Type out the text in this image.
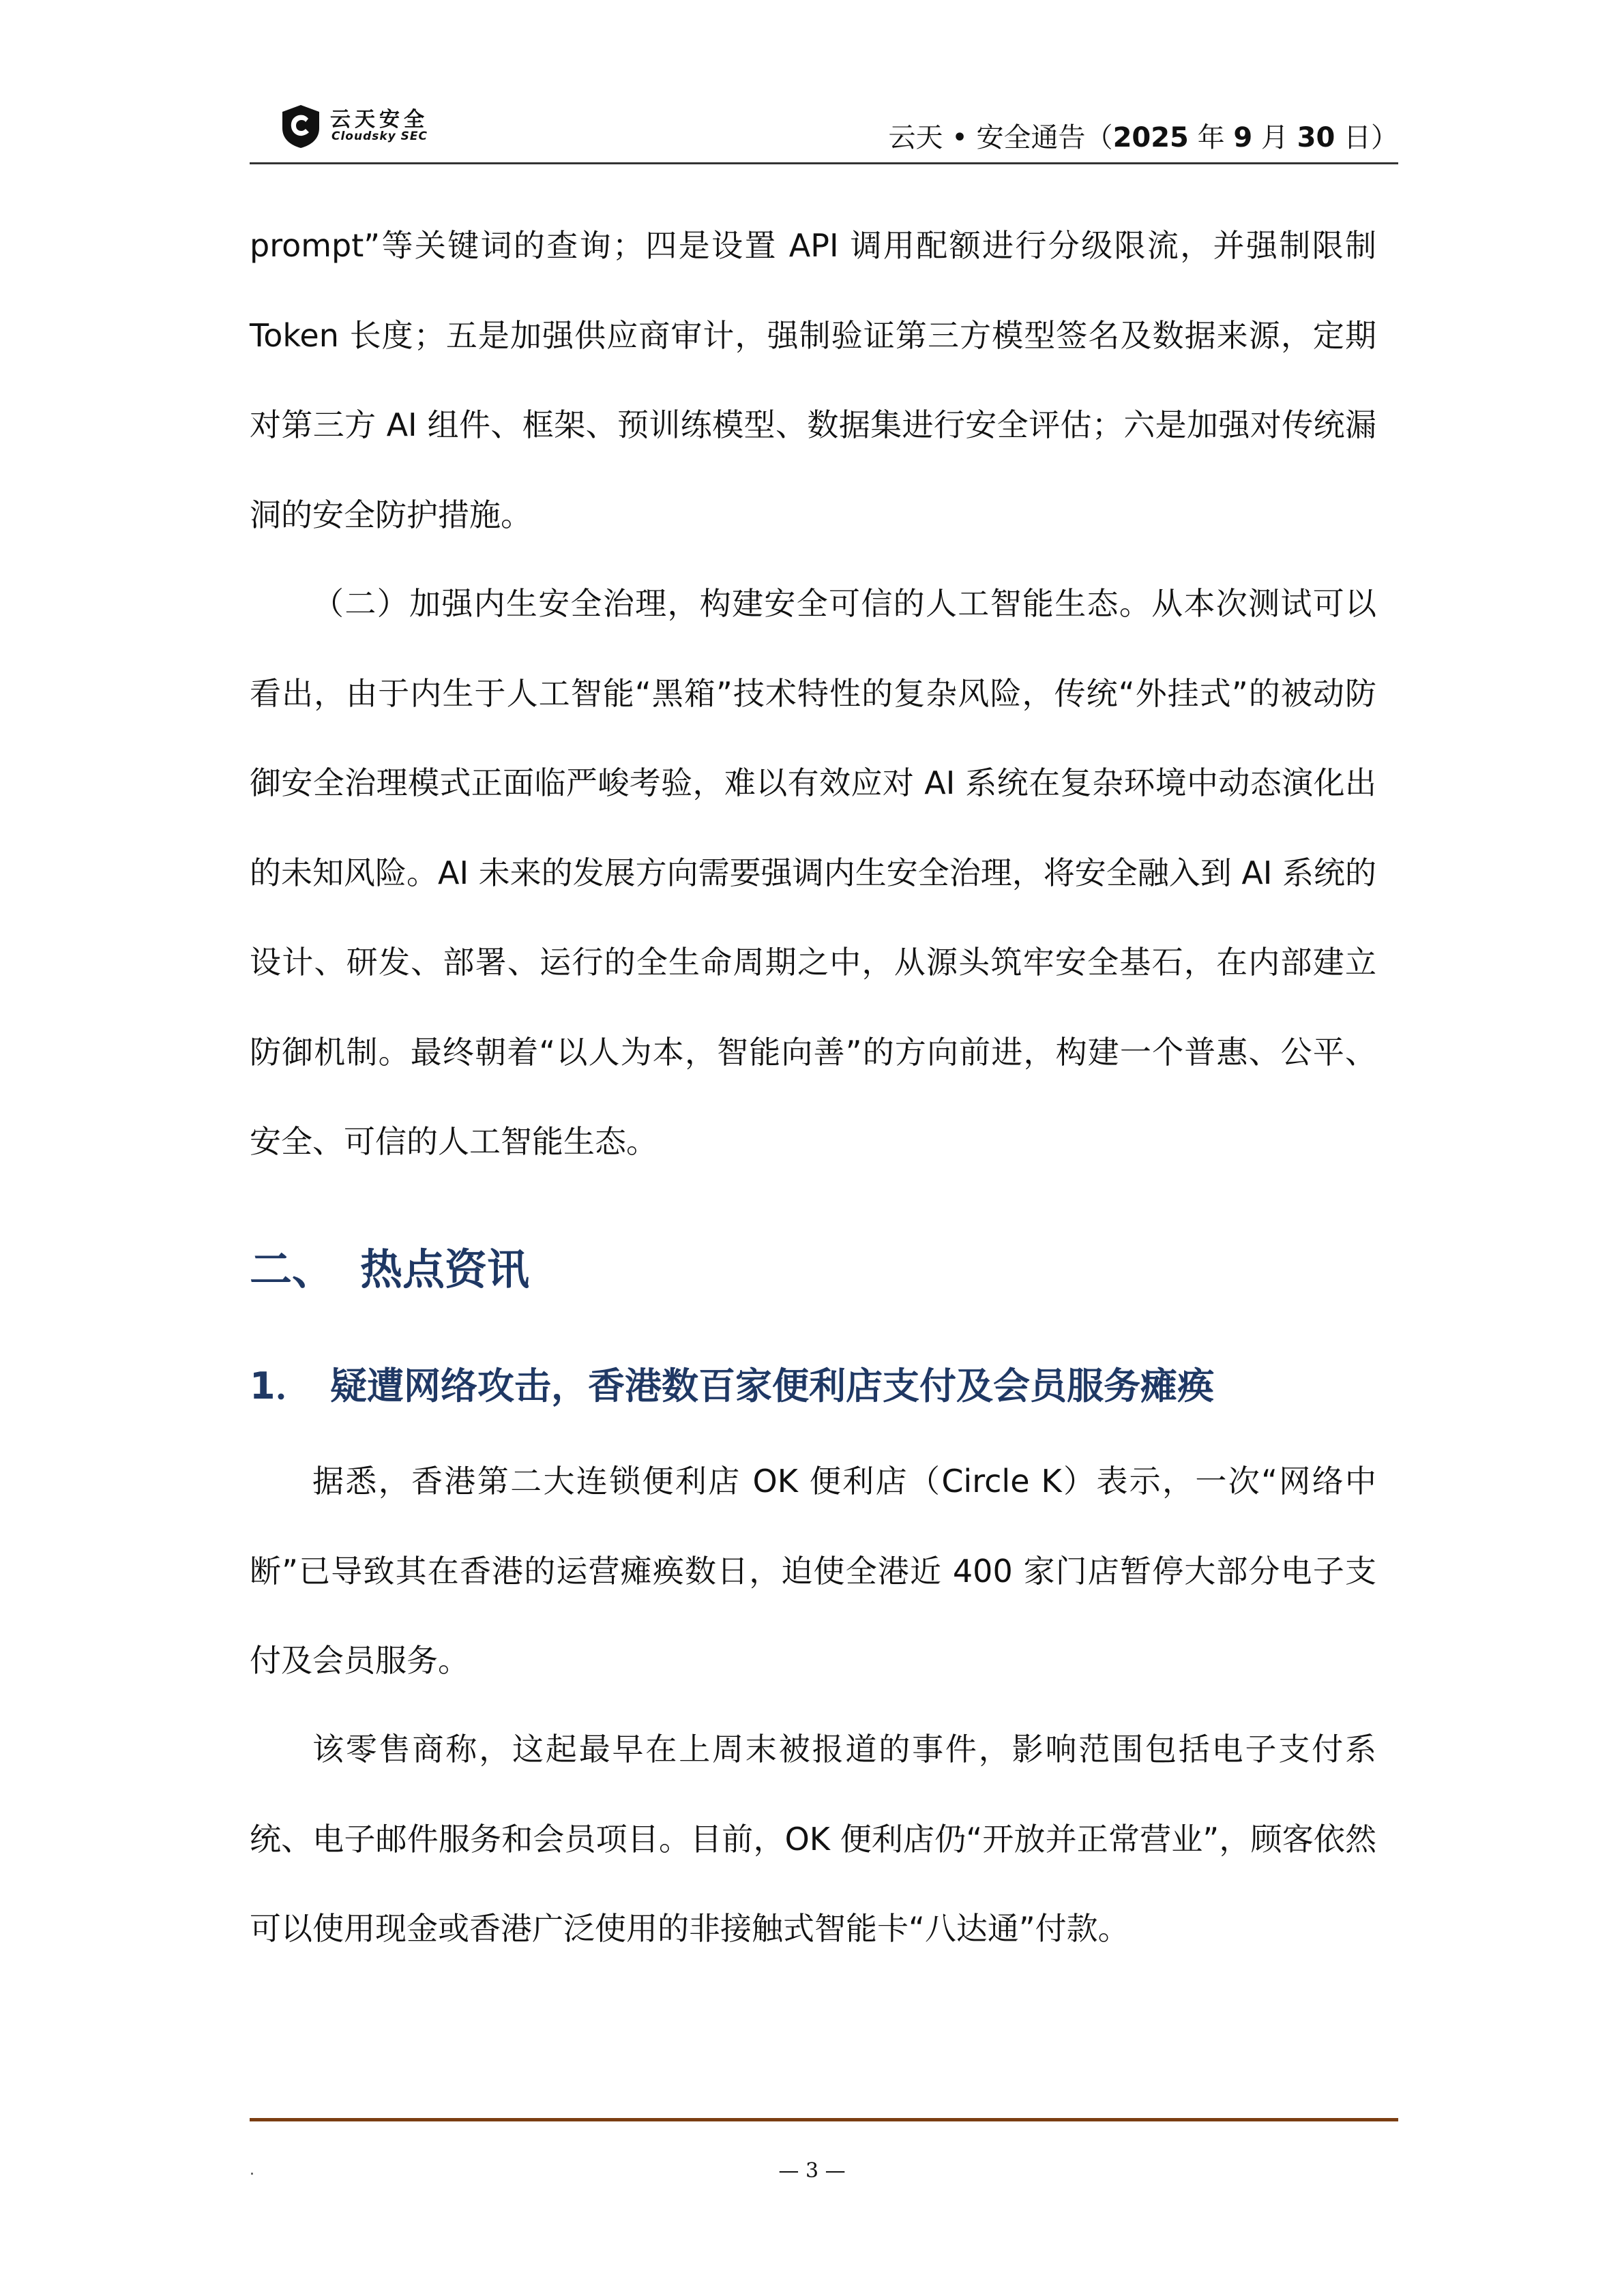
云天安全
Cloudsky SEC	云天 • 安全通告（2025 年 9 月 30 日）

prompt”等关键词的查询；四是设置 API 调用配额进行分级限流，并强制限制 Token 长度；五是加强供应商审计，强制验证第三方模型签名及数据来源，定期对第三方 AI 组件、框架、预训练模型、数据集进行安全评估；六是加强对传统漏洞的安全防护措施。

（二）加强内生安全治理，构建安全可信的人工智能生态。从本次测试可以看出，由于内生于人工智能“黑箱”技术特性的复杂风险，传统“外挂式”的被动防御安全治理模式正面临严峻考验，难以有效应对 AI 系统在复杂环境中动态演化出的未知风险。AI 未来的发展方向需要强调内生安全治理，将安全融入到 AI 系统的设计、研发、部署、运行的全生命周期之中，从源头筑牢安全基石，在内部建立防御机制。最终朝着“以人为本，智能向善”的方向前进，构建一个普惠、公平、安全、可信的人工智能生态。

二、 热点资讯
1． 疑遭网络攻击，香港数百家便利店支付及会员服务瘫痪

据悉，香港第二大连锁便利店 OK 便利店（Circle K）表示，一次“网络中断”已导致其在香港的运营瘫痪数日，迫使全港近 400 家门店暂停大部分电子支付及会员服务。

该零售商称，这起最早在上周末被报道的事件，影响范围包括电子支付系统、电子邮件服务和会员项目。目前，OK 便利店仍“开放并正常营业”，顾客依然可以使用现金或香港广泛使用的非接触式智能卡“八达通”付款。

.	— 3 —
